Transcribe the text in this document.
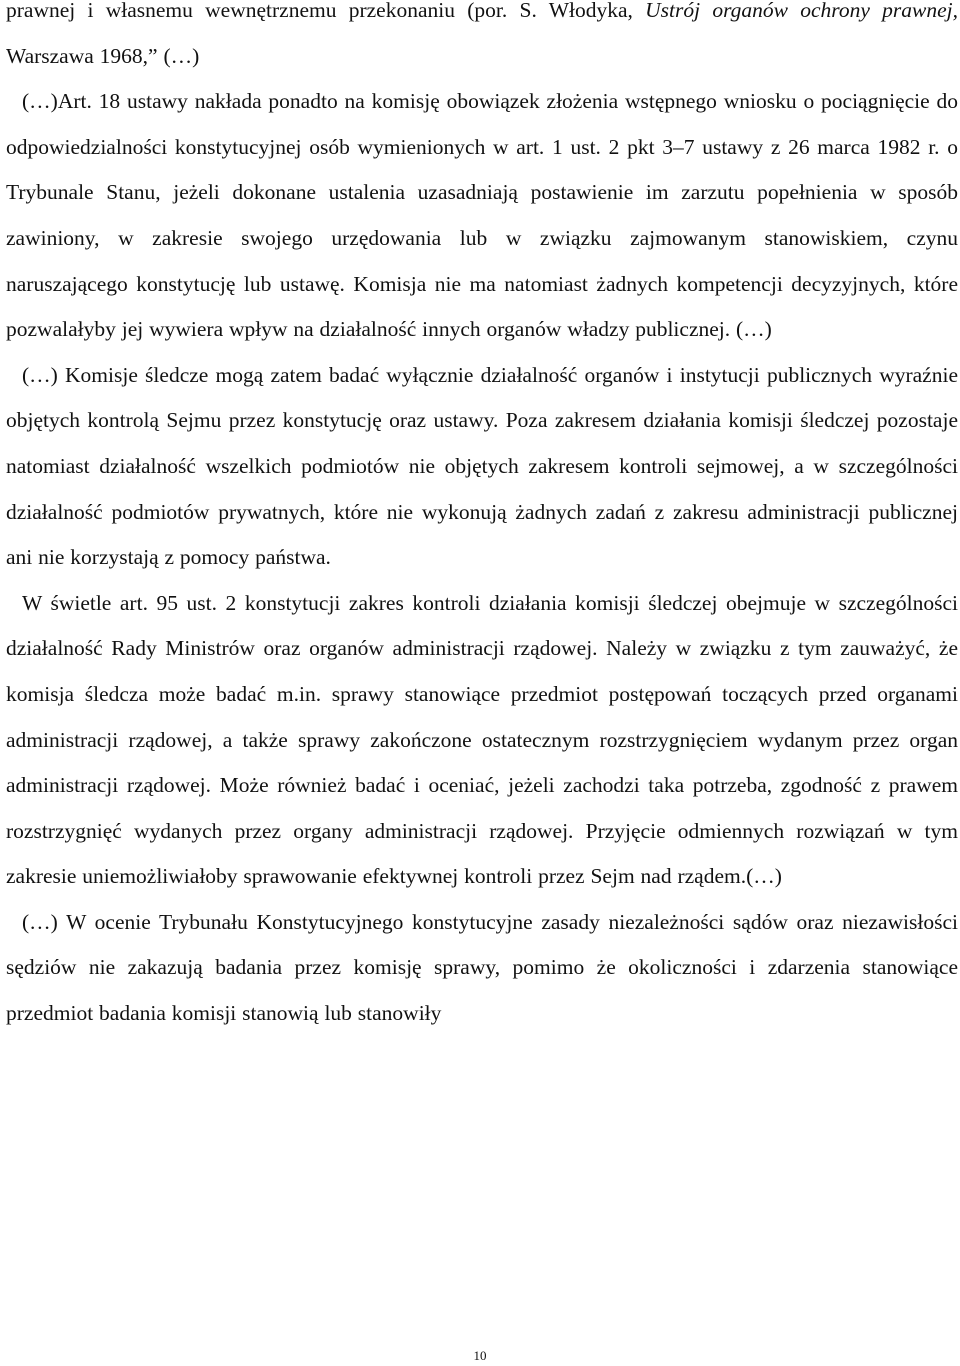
prawnej i własnemu wewnętrznemu przekonaniu (por. S. Włodyka, Ustrój organów ochrony prawnej, Warszawa 1968,” (…)

(…)Art. 18 ustawy nakłada ponadto na komisję obowiązek złożenia wstępnego wniosku o pociągnięcie do odpowiedzialności konstytucyjnej osób wymienionych w art. 1 ust. 2 pkt 3–7 ustawy z 26 marca 1982 r. o Trybunale Stanu, jeżeli dokonane ustalenia uzasadniają postawienie im zarzutu popełnienia w sposób zawiniony, w zakresie swojego urzędowania lub w związku zajmowanym stanowiskiem, czynu naruszającego konstytucję lub ustawę. Komisja nie ma natomiast żadnych kompetencji decyzyjnych, które pozwalałyby jej wywiera wpływ na działalność innych organów władzy publicznej. (…)

(…) Komisje śledcze mogą zatem badać wyłącznie działalność organów i instytucji publicznych wyraźnie objętych kontrolą Sejmu przez konstytucję oraz ustawy. Poza zakresem działania komisji śledczej pozostaje natomiast działalność wszelkich podmiotów nie objętych zakresem kontroli sejmowej, a w szczególności działalność podmiotów prywatnych, które nie wykonują żadnych zadań z zakresu administracji publicznej ani nie korzystają z pomocy państwa.

W świetle art. 95 ust. 2 konstytucji zakres kontroli działania komisji śledczej obejmuje w szczególności działalność Rady Ministrów oraz organów administracji rządowej. Należy w związku z tym zauważyć, że komisja śledcza może badać m.in. sprawy stanowiące przedmiot postępowań toczących przed organami administracji rządowej, a także sprawy zakończone ostatecznym rozstrzygnięciem wydanym przez organ administracji rządowej. Może również badać i oceniać, jeżeli zachodzi taka potrzeba, zgodność z prawem rozstrzygnięć wydanych przez organy administracji rządowej. Przyjęcie odmiennych rozwiązań w tym zakresie uniemożliwiałoby sprawowanie efektywnej kontroli przez Sejm nad rządem.(…)

(…) W ocenie Trybunału Konstytucyjnego konstytucyjne zasady niezależności sądów oraz niezawisłości sędziów nie zakazują badania przez komisję sprawy, pomimo że okoliczności i zdarzenia stanowiące przedmiot badania komisji stanowią lub stanowiły

10
